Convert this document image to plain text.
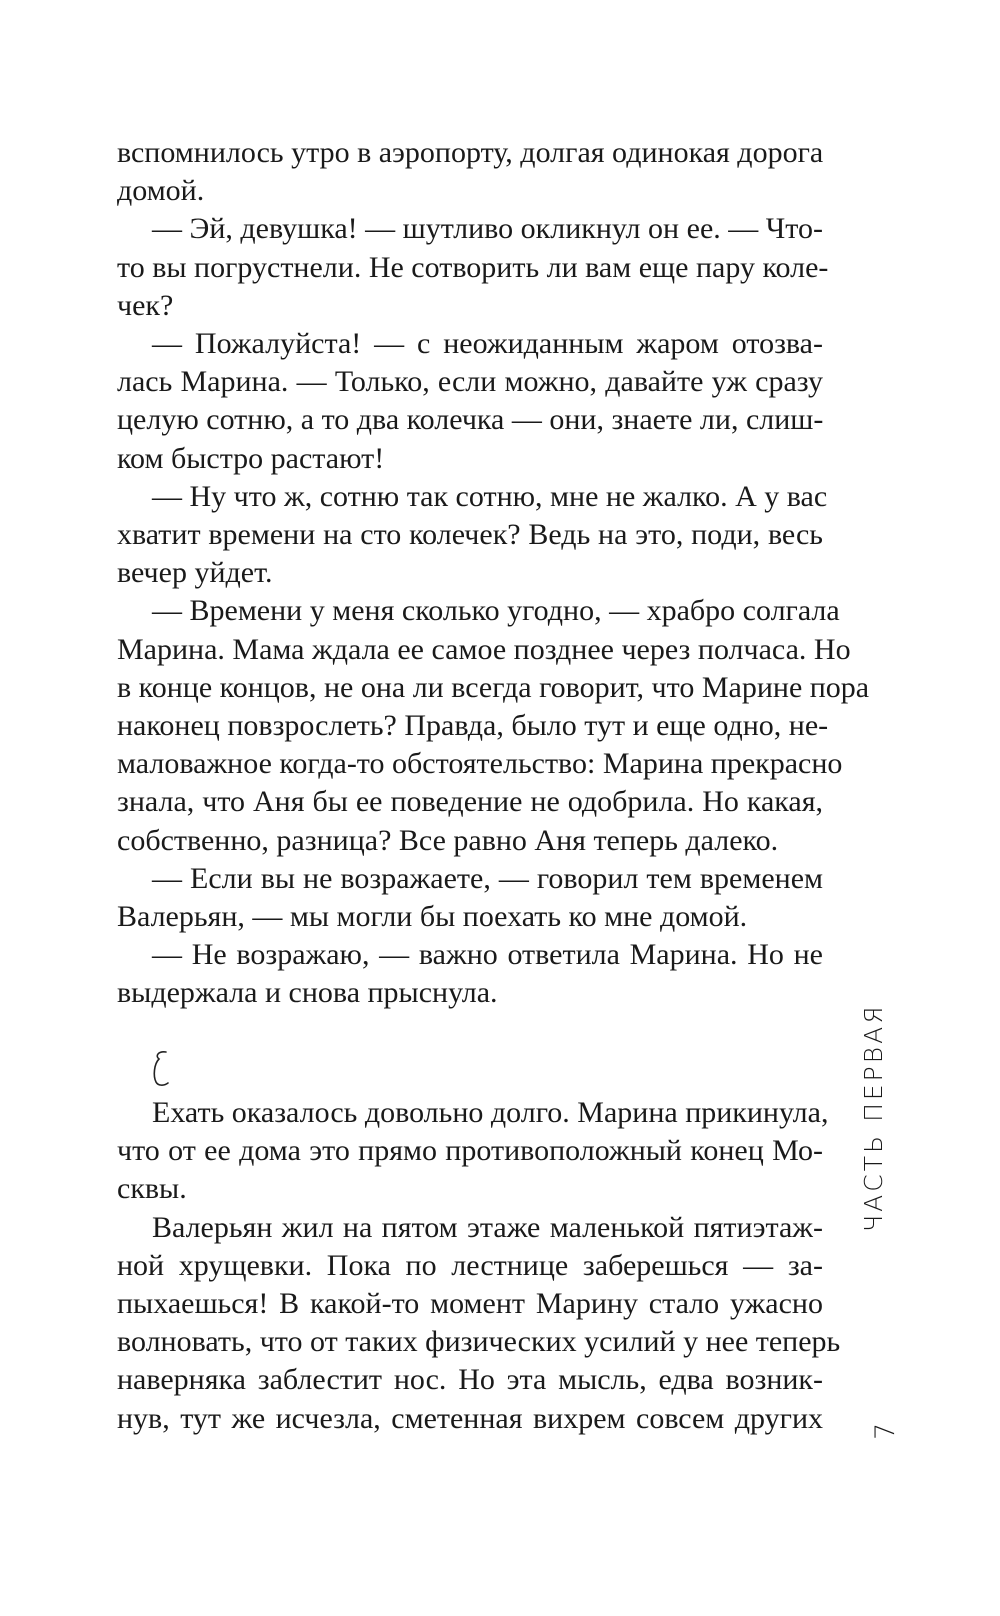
вспомнилось утро в аэропорту, долгая одинокая дорога
домой.

— Эй, девушка! — шутливо окликнул он ее. — Что-
то вы погрустнели. Не сотворить ли вам еще пару коле-
чек?

— Пожалуйста! — с неожиданным жаром отозва-
лась Марина. — Только, если можно, давайте уж сразу
целую сотню, а то два колечка — они, знаете ли, слиш-
ком быстро растают!

— Ну что ж, сотню так сотню, мне не жалко. А у вас
хватит времени на сто колечек? Ведь на это, поди, весь
вечер уйдет.

— Времени у меня сколько угодно, — храбро солгала
Марина. Мама ждала ее самое позднее через полчаса. Но
в конце концов, не она ли всегда говорит, что Марине пора
наконец повзрослеть? Правда, было тут и еще одно, не-
маловажное когда-то обстоятельство: Марина прекрасно
знала, что Аня бы ее поведение не одобрила. Но какая,
собственно, разница? Все равно Аня теперь далеко.

— Если вы не возражаете, — говорил тем временем
Валерьян, — мы могли бы поехать ко мне домой.

— Не возражаю, — важно ответила Марина. Но не
выдержала и снова прыснула.

Ехать оказалось довольно долго. Марина прикинула,
что от ее дома это прямо противоположный конец Мо-
сквы.

Валерьян жил на пятом этаже маленькой пятиэтаж-
ной хрущевки. Пока по лестнице заберешься — за-
пыхаешься! В какой-то момент Марину стало ужасно
волновать, что от таких физических усилий у нее теперь
наверняка заблестит нос. Но эта мысль, едва возник-
нув, тут же исчезла, сметенная вихрем совсем других

ЧАСТЬ ПЕРВАЯ
7
